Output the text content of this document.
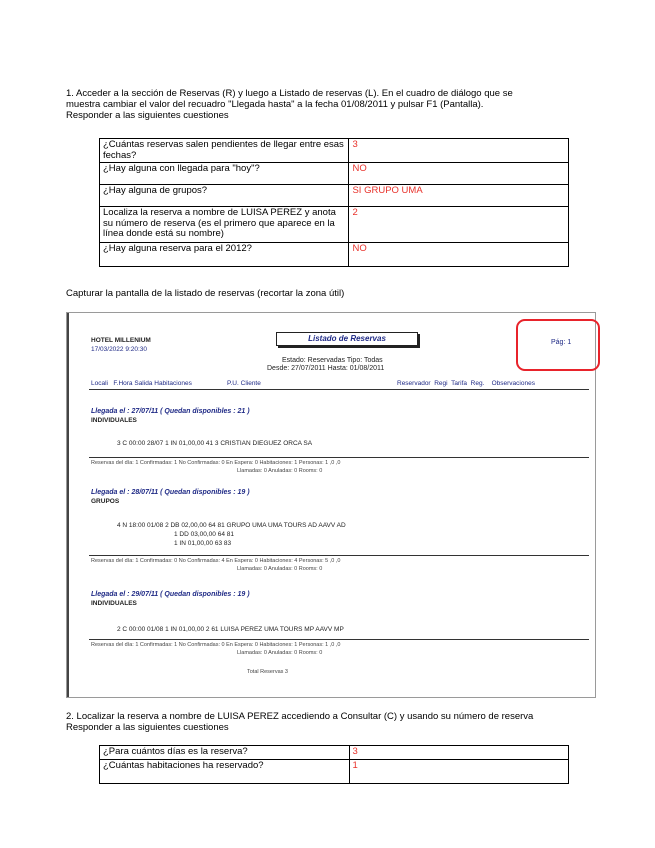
1. Acceder a la sección de Reservas (R) y luego a Listado de reservas (L). En el cuadro de diálogo que se
muestra cambiar el valor del recuadro "Llegada hasta" a la fecha 01/08/2011 y pulsar F1 (Pantalla).
Responder a las siguientes cuestiones
¿Cuántas reservas salen pendientes de llegar entre esas fechas?	3
¿Hay alguna con llegada para "hoy"?	NO
¿Hay alguna de grupos?	SI GRUPO UMA
Localiza la reserva a nombre de LUISA PEREZ y anota su número de reserva (es el primero que aparece en la línea donde está su nombre)	2
¿Hay alguna reserva para el 2012?	NO
Capturar la pantalla de la listado de reservas (recortar la zona útil)
HOTEL MILLENIUM
17/03/2022 9:20:30
Listado de Reservas
Estado: Reservadas Tipo: Todas
Desde: 27/07/2011 Hasta: 01/08/2011
Locali F.Hora Salida Habitaciones	P.U. Cliente	Reservador Regi Tarifa Reg. Observaciones
Llegada el : 27/07/11 ( Quedan disponibles : 21 )
INDIVIDUALES
3 C 00:00 28/07 1 IN 01,00,00 41 3 CRISTIAN DIEGUEZ ORCA SA
Reservas del día: 1 Confirmadas: 1 No Confirmadas: 0 En Espera: 0 Habitaciones: 1 Personas: 1 ,0 ,0
Llamadas: 0 Anuladas: 0 Rooms: 0
Llegada el : 28/07/11 ( Quedan disponibles : 19 )
GRUPOS
4 N 18:00 01/08 2 DB 02,00,00 64 81 GRUPO UMA UMA TOURS AD AAVV AD
1 DD 03,00,00 64 81
1 IN 01,00,00 63 83
Reservas del día: 1 Confirmadas: 0 No Confirmadas: 4 En Espera: 0 Habitaciones: 4 Personas: 5 ,0 ,0
Llamadas: 0 Anuladas: 0 Rooms: 0
Llegada el : 29/07/11 ( Quedan disponibles : 19 )
INDIVIDUALES
2 C 00:00 01/08 1 IN 01,00,00 2 61 LUISA PEREZ UMA TOURS MP AAVV MP
Reservas del día: 1 Confirmadas: 1 No Confirmadas: 0 En Espera: 0 Habitaciones: 1 Personas: 1 ,0 ,0
Llamadas: 0 Anuladas: 0 Rooms: 0
Total Reservas 3
Pág: 1
2. Localizar la reserva a nombre de LUISA PEREZ accediendo a Consultar (C) y usando su número de reserva
Responder a las siguientes cuestiones
¿Para cuántos días es la reserva?	3
¿Cuántas habitaciones ha reservado?	1
